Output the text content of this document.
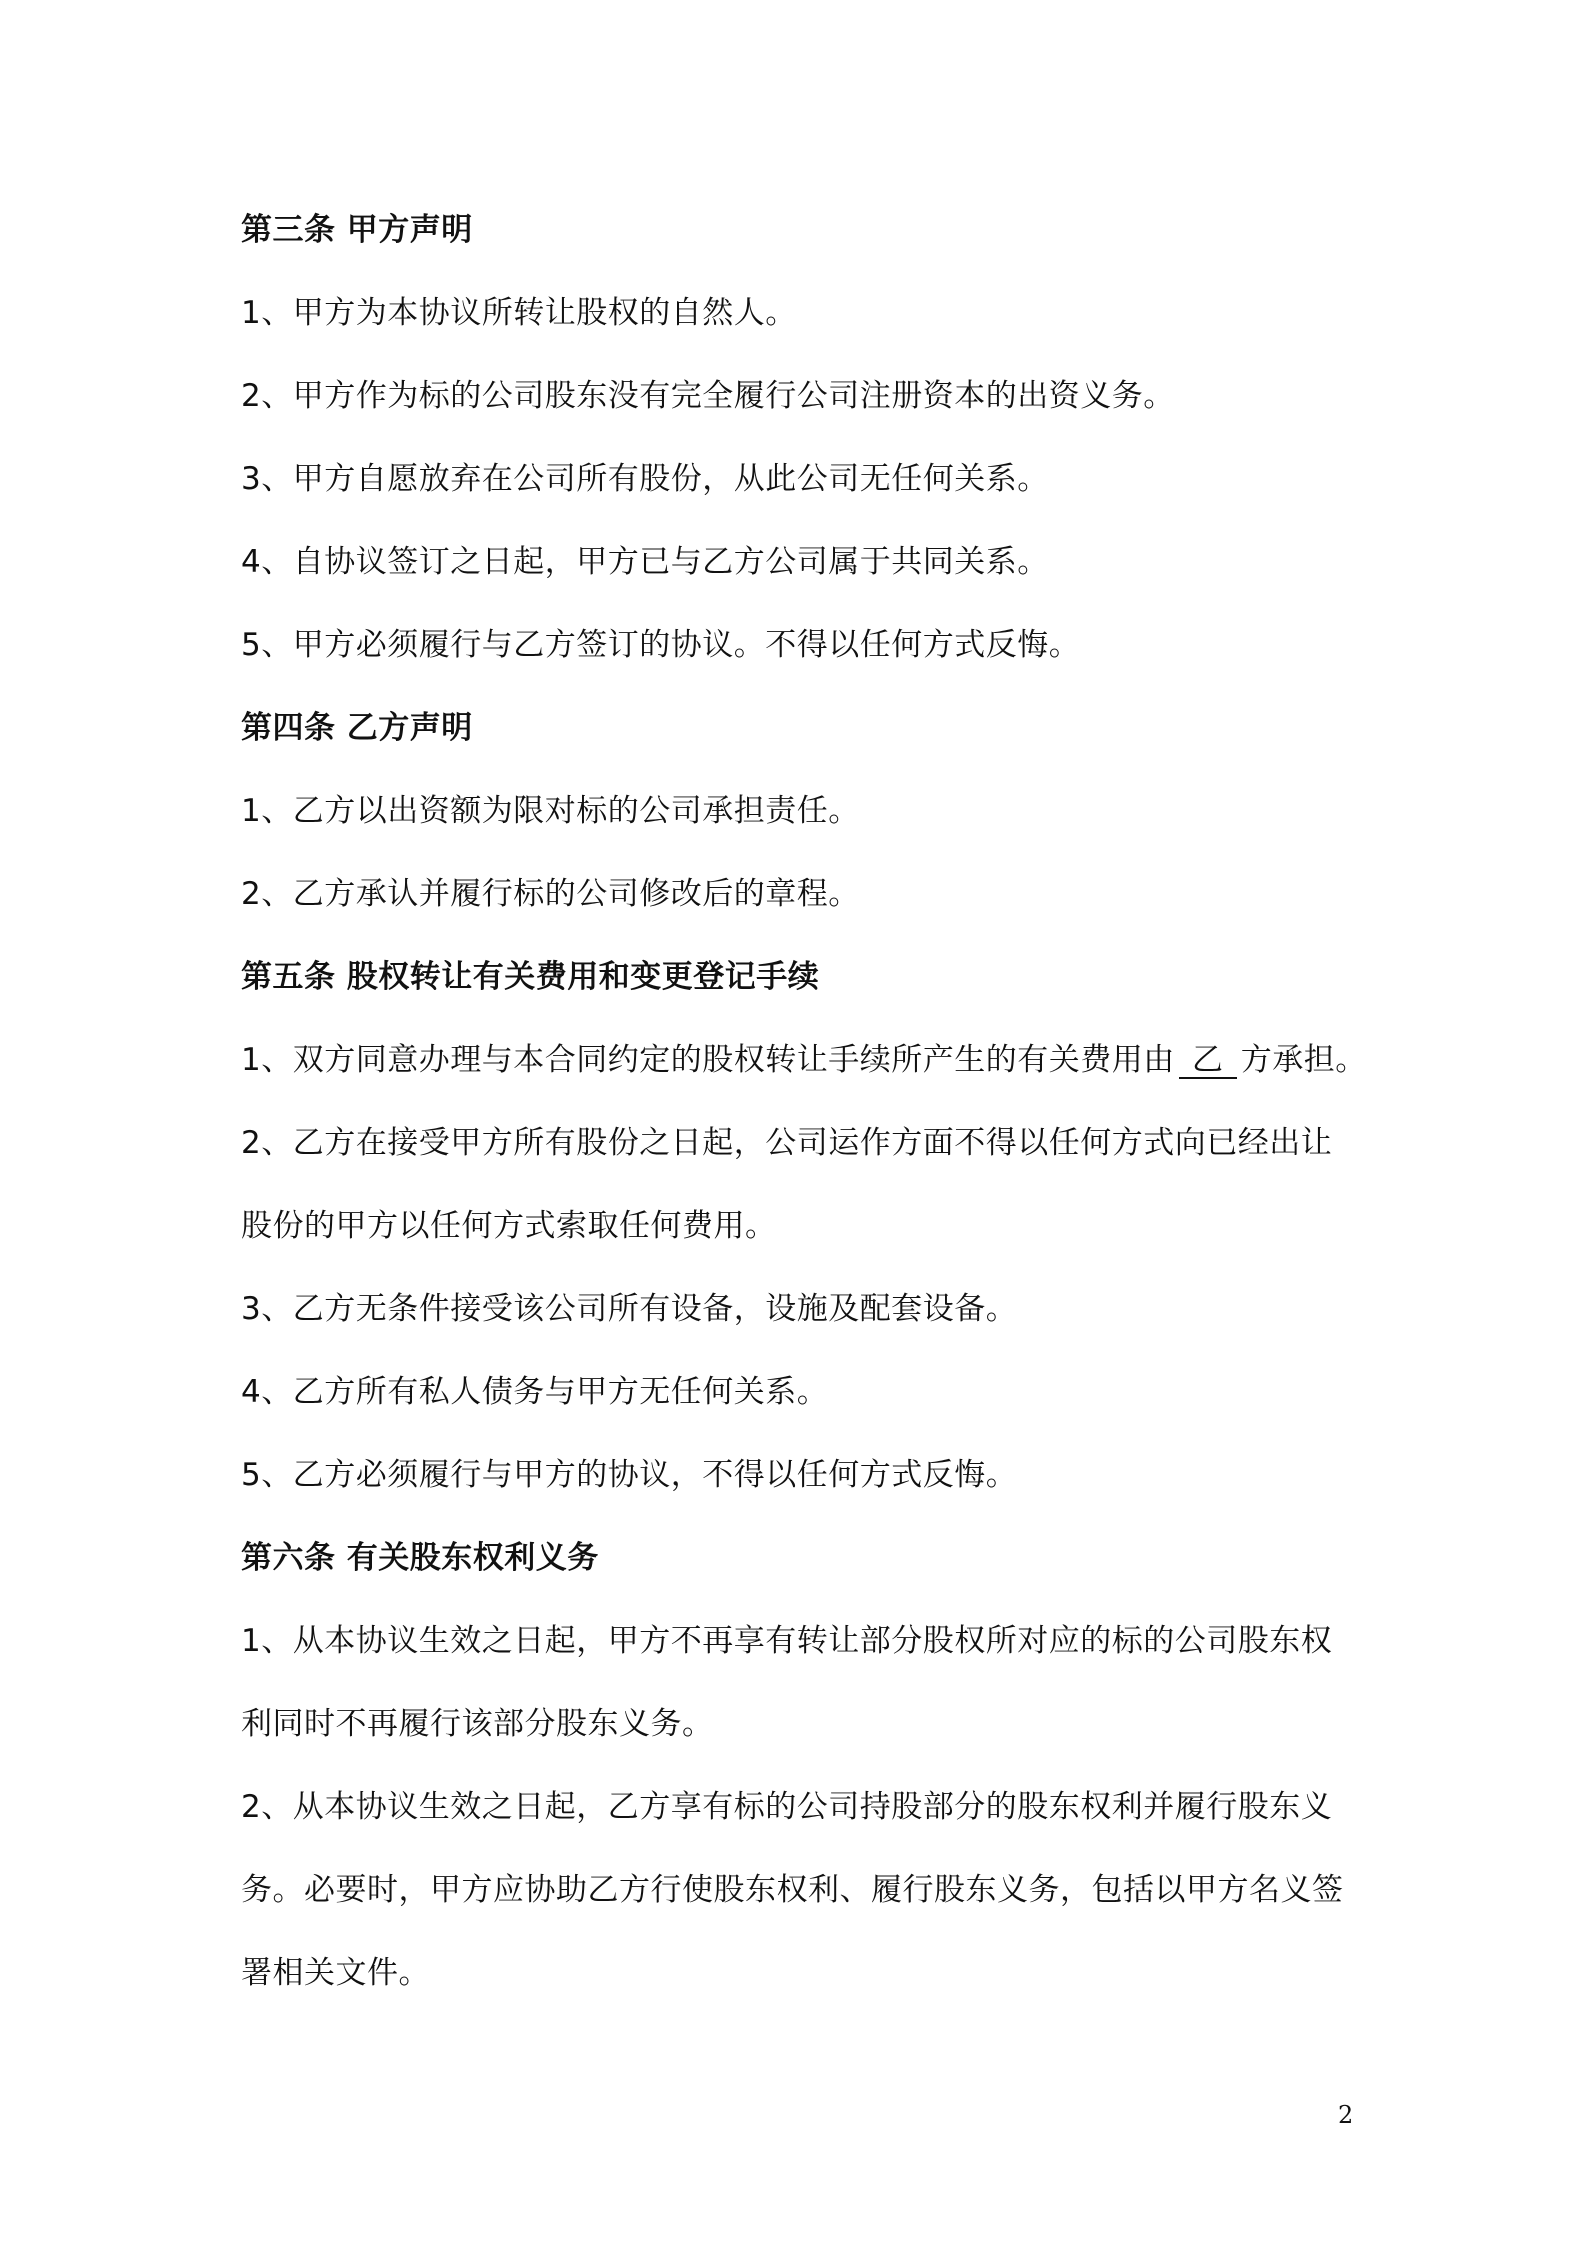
第三条 甲方声明
1、甲方为本协议所转让股权的自然人。
2、甲方作为标的公司股东没有完全履行公司注册资本的出资义务。
3、甲方自愿放弃在公司所有股份，从此公司无任何关系。
4、自协议签订之日起，甲方已与乙方公司属于共同关系。
5、甲方必须履行与乙方签订的协议。不得以任何方式反悔。
第四条 乙方声明
1、乙方以出资额为限对标的公司承担责任。
2、乙方承认并履行标的公司修改后的章程。
第五条 股权转让有关费用和变更登记手续
1、双方同意办理与本合同约定的股权转让手续所产生的有关费用由 乙 方承担。
2、乙方在接受甲方所有股份之日起，公司运作方面不得以任何方式向已经出让
股份的甲方以任何方式索取任何费用。
3、乙方无条件接受该公司所有设备，设施及配套设备。
4、乙方所有私人债务与甲方无任何关系。
5、乙方必须履行与甲方的协议，不得以任何方式反悔。
第六条 有关股东权利义务
1、从本协议生效之日起，甲方不再享有转让部分股权所对应的标的公司股东权
利同时不再履行该部分股东义务。
2、从本协议生效之日起，乙方享有标的公司持股部分的股东权利并履行股东义
务。必要时，甲方应协助乙方行使股东权利、履行股东义务，包括以甲方名义签
署相关文件。
2
